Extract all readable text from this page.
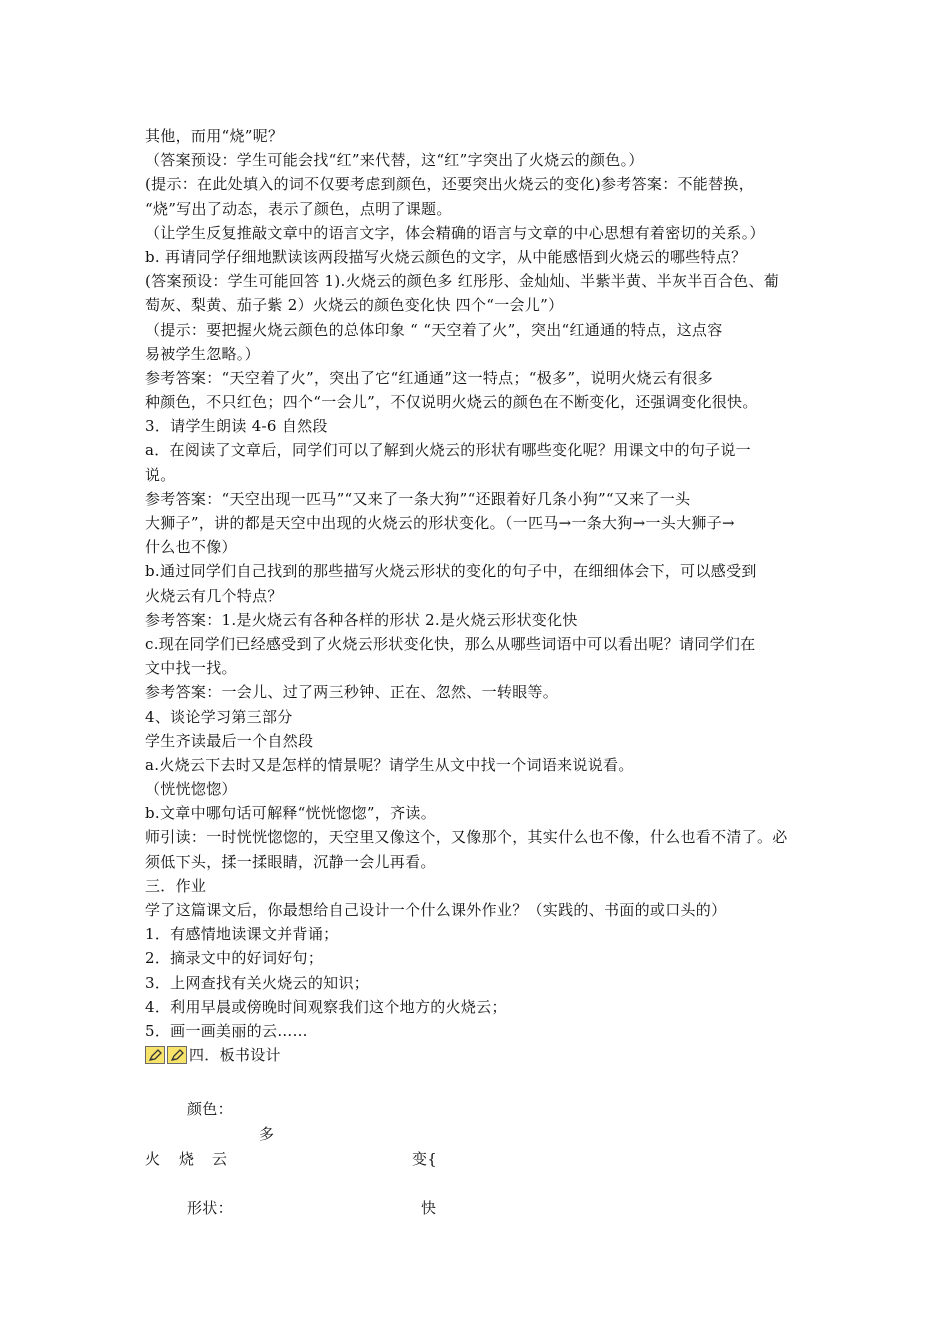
其他，而用“烧”呢？
（答案预设：学生可能会找“红”来代替，这“红”字突出了火烧云的颜色。）
(提示：在此处填入的词不仅要考虑到颜色，还要突出火烧云的变化)参考答案：不能替换，
“烧”写出了动态，表示了颜色，点明了课题。
（让学生反复推敲文章中的语言文字，体会精确的语言与文章的中心思想有着密切的关系。）
b. 再请同学仔细地默读该两段描写火烧云颜色的文字，从中能感悟到火烧云的哪些特点？
(答案预设：学生可能回答 1).火烧云的颜色多 红彤彤、金灿灿、半紫半黄、半灰半百合色、葡
萄灰、梨黄、茄子紫 2）火烧云的颜色变化快 四个“一会儿”）
（提示：要把握火烧云颜色的总体印象 “ “天空着了火”，突出“红通通的特点，这点容
易被学生忽略。）
参考答案：“天空着了火”，突出了它“红通通”这一特点；“极多”，说明火烧云有很多
种颜色，不只红色；四个“一会儿”，不仅说明火烧云的颜色在不断变化，还强调变化很快。
3．请学生朗读 4-6 自然段
a．在阅读了文章后，同学们可以了解到火烧云的形状有哪些变化呢？用课文中的句子说一
说。
参考答案：“天空出现一匹马”“又来了一条大狗”“还跟着好几条小狗”“又来了一头
大狮子”，讲的都是天空中出现的火烧云的形状变化。（一匹马→一条大狗→一头大狮子→
什么也不像）
b.通过同学们自己找到的那些描写火烧云形状的变化的句子中，在细细体会下，可以感受到
火烧云有几个特点？
参考答案：1.是火烧云有各种各样的形状 2.是火烧云形状变化快
c.现在同学们已经感受到了火烧云形状变化快，那么从哪些词语中可以看出呢？请同学们在
文中找一找。
参考答案：一会儿、过了两三秒钟、正在、忽然、一转眼等。
4、谈论学习第三部分
学生齐读最后一个自然段
a.火烧云下去时又是怎样的情景呢？请学生从文中找一个词语来说说看。
（恍恍惚惚）
b.文章中哪句话可解释“恍恍惚惚”，齐读。
师引读：一时恍恍惚惚的，天空里又像这个，又像那个，其实什么也不像，什么也看不清了。必
须低下头，揉一揉眼睛，沉静一会儿再看。
三．作业
学了这篇课文后，你最想给自己设计一个什么课外作业？（实践的、书面的或口头的）
1．有感情地读课文并背诵；
2．摘录文中的好词好句；
3．上网查找有关火烧云的知识；
4．利用早晨或傍晚时间观察我们这个地方的火烧云；
5．画一画美丽的云……
四．板书设计
颜色：
多
火 烧 云	变{
形状：	快
